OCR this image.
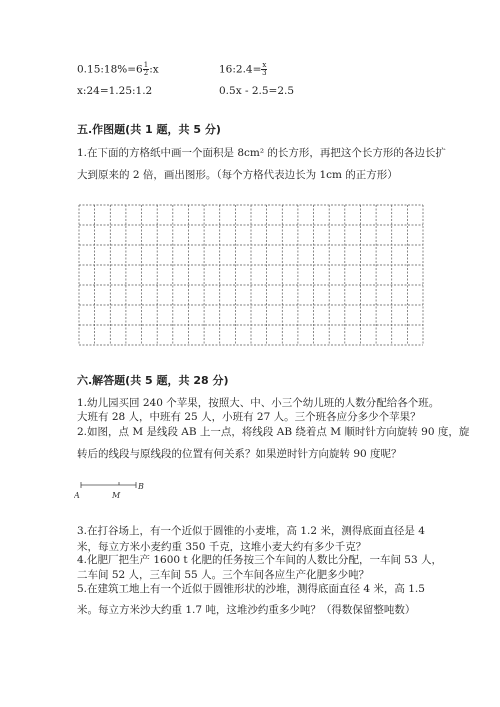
0.15:18%=6 $\frac{1}{2}$ :x	16:2.4= $\frac{x}{3}$
x:24=1.25:1.2	0.5x - 2.5=2.5
五.作图题(共 1 题，共 5 分)
1.在下面的方格纸中画一个面积是 8cm² 的长方形，再把这个长方形的各边长扩
大到原来的 2 倍，画出图形。（每个方格代表边长为 1cm 的正方形）
六.解答题(共 5 题，共 28 分)
1.幼儿园买回 240 个苹果，按照大、中、小三个幼儿班的人数分配给各个班。
大班有 28 人，中班有 25 人，小班有 27 人。三个班各应分多少个苹果？
2.如图，点 M 是线段 AB 上一点，将线段 AB 绕着点 M 顺时针方向旋转 90 度，旋
转后的线段与原线段的位置有何关系？如果逆时针方向旋转 90 度呢？
A	M
B
3.在打谷场上，有一个近似于圆锥的小麦堆，高 1.2 米，测得底面直径是 4
米，每立方米小麦约重 350 千克，这堆小麦大约有多少千克？
4.化肥厂把生产 1600 t 化肥的任务按三个车间的人数比分配，一车间 53 人，
二车间 52 人，三车间 55 人。三个车间各应生产化肥多少吨？
5.在建筑工地上有一个近似于圆锥形状的沙堆，测得底面直径 4 米，高 1.5
米。每立方米沙大约重 1.7 吨，这堆沙约重多少吨？（得数保留整吨数）
